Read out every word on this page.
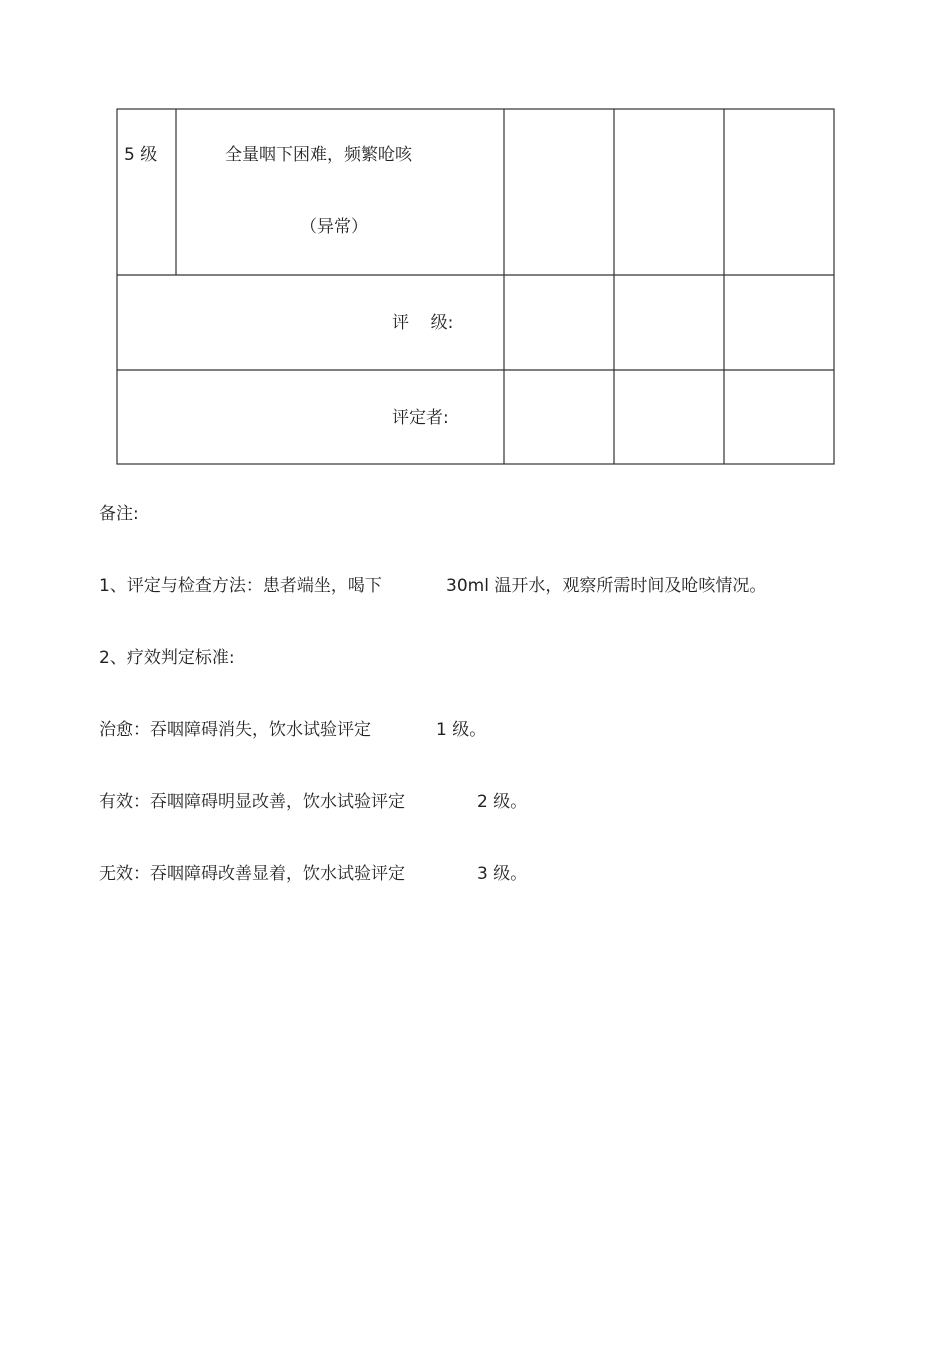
5 级	全量咽下困难，频繁呛咳
（异常）
评    级:
评定者:
备注:
1、评定与检查方法：患者端坐，喝下	30ml 温开水，观察所需时间及呛咳情况。
2、疗效判定标准:
治愈：吞咽障碍消失，饮水试验评定	1 级。
有效：吞咽障碍明显改善，饮水试验评定	2 级。
无效：吞咽障碍改善显着，饮水试验评定	3 级。
